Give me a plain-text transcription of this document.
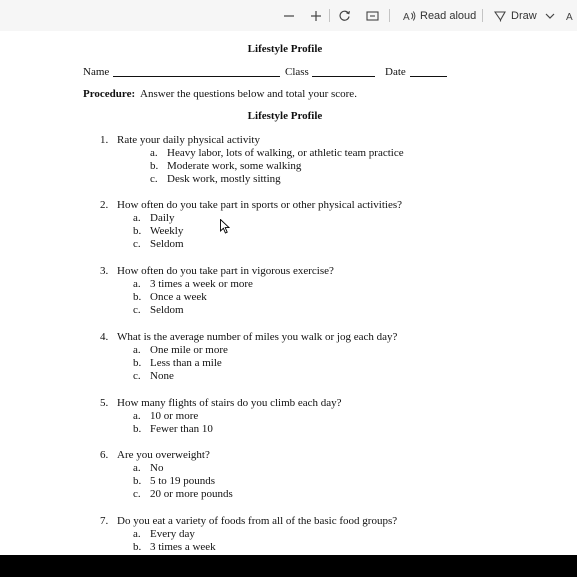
A Read aloud	Draw	A
Lifestyle Profile
Name	Class	Date
Procedure: Answer the questions below and total your score.
Lifestyle Profile
1. Rate your daily physical activity
a. Heavy labor, lots of walking, or athletic team practice
b. Moderate work, some walking
c. Desk work, mostly sitting
2. How often do you take part in sports or other physical activities?
a. Daily
b. Weekly
c. Seldom
3. How often do you take part in vigorous exercise?
a. 3 times a week or more
b. Once a week
c. Seldom
4. What is the average number of miles you walk or jog each day?
a. One mile or more
b. Less than a mile
c. None
5. How many flights of stairs do you climb each day?
a. 10 or more
b. Fewer than 10
6. Are you overweight?
a. No
b. 5 to 19 pounds
c. 20 or more pounds
7. Do you eat a variety of foods from all of the basic food groups?
a. Every day
b. 3 times a week
